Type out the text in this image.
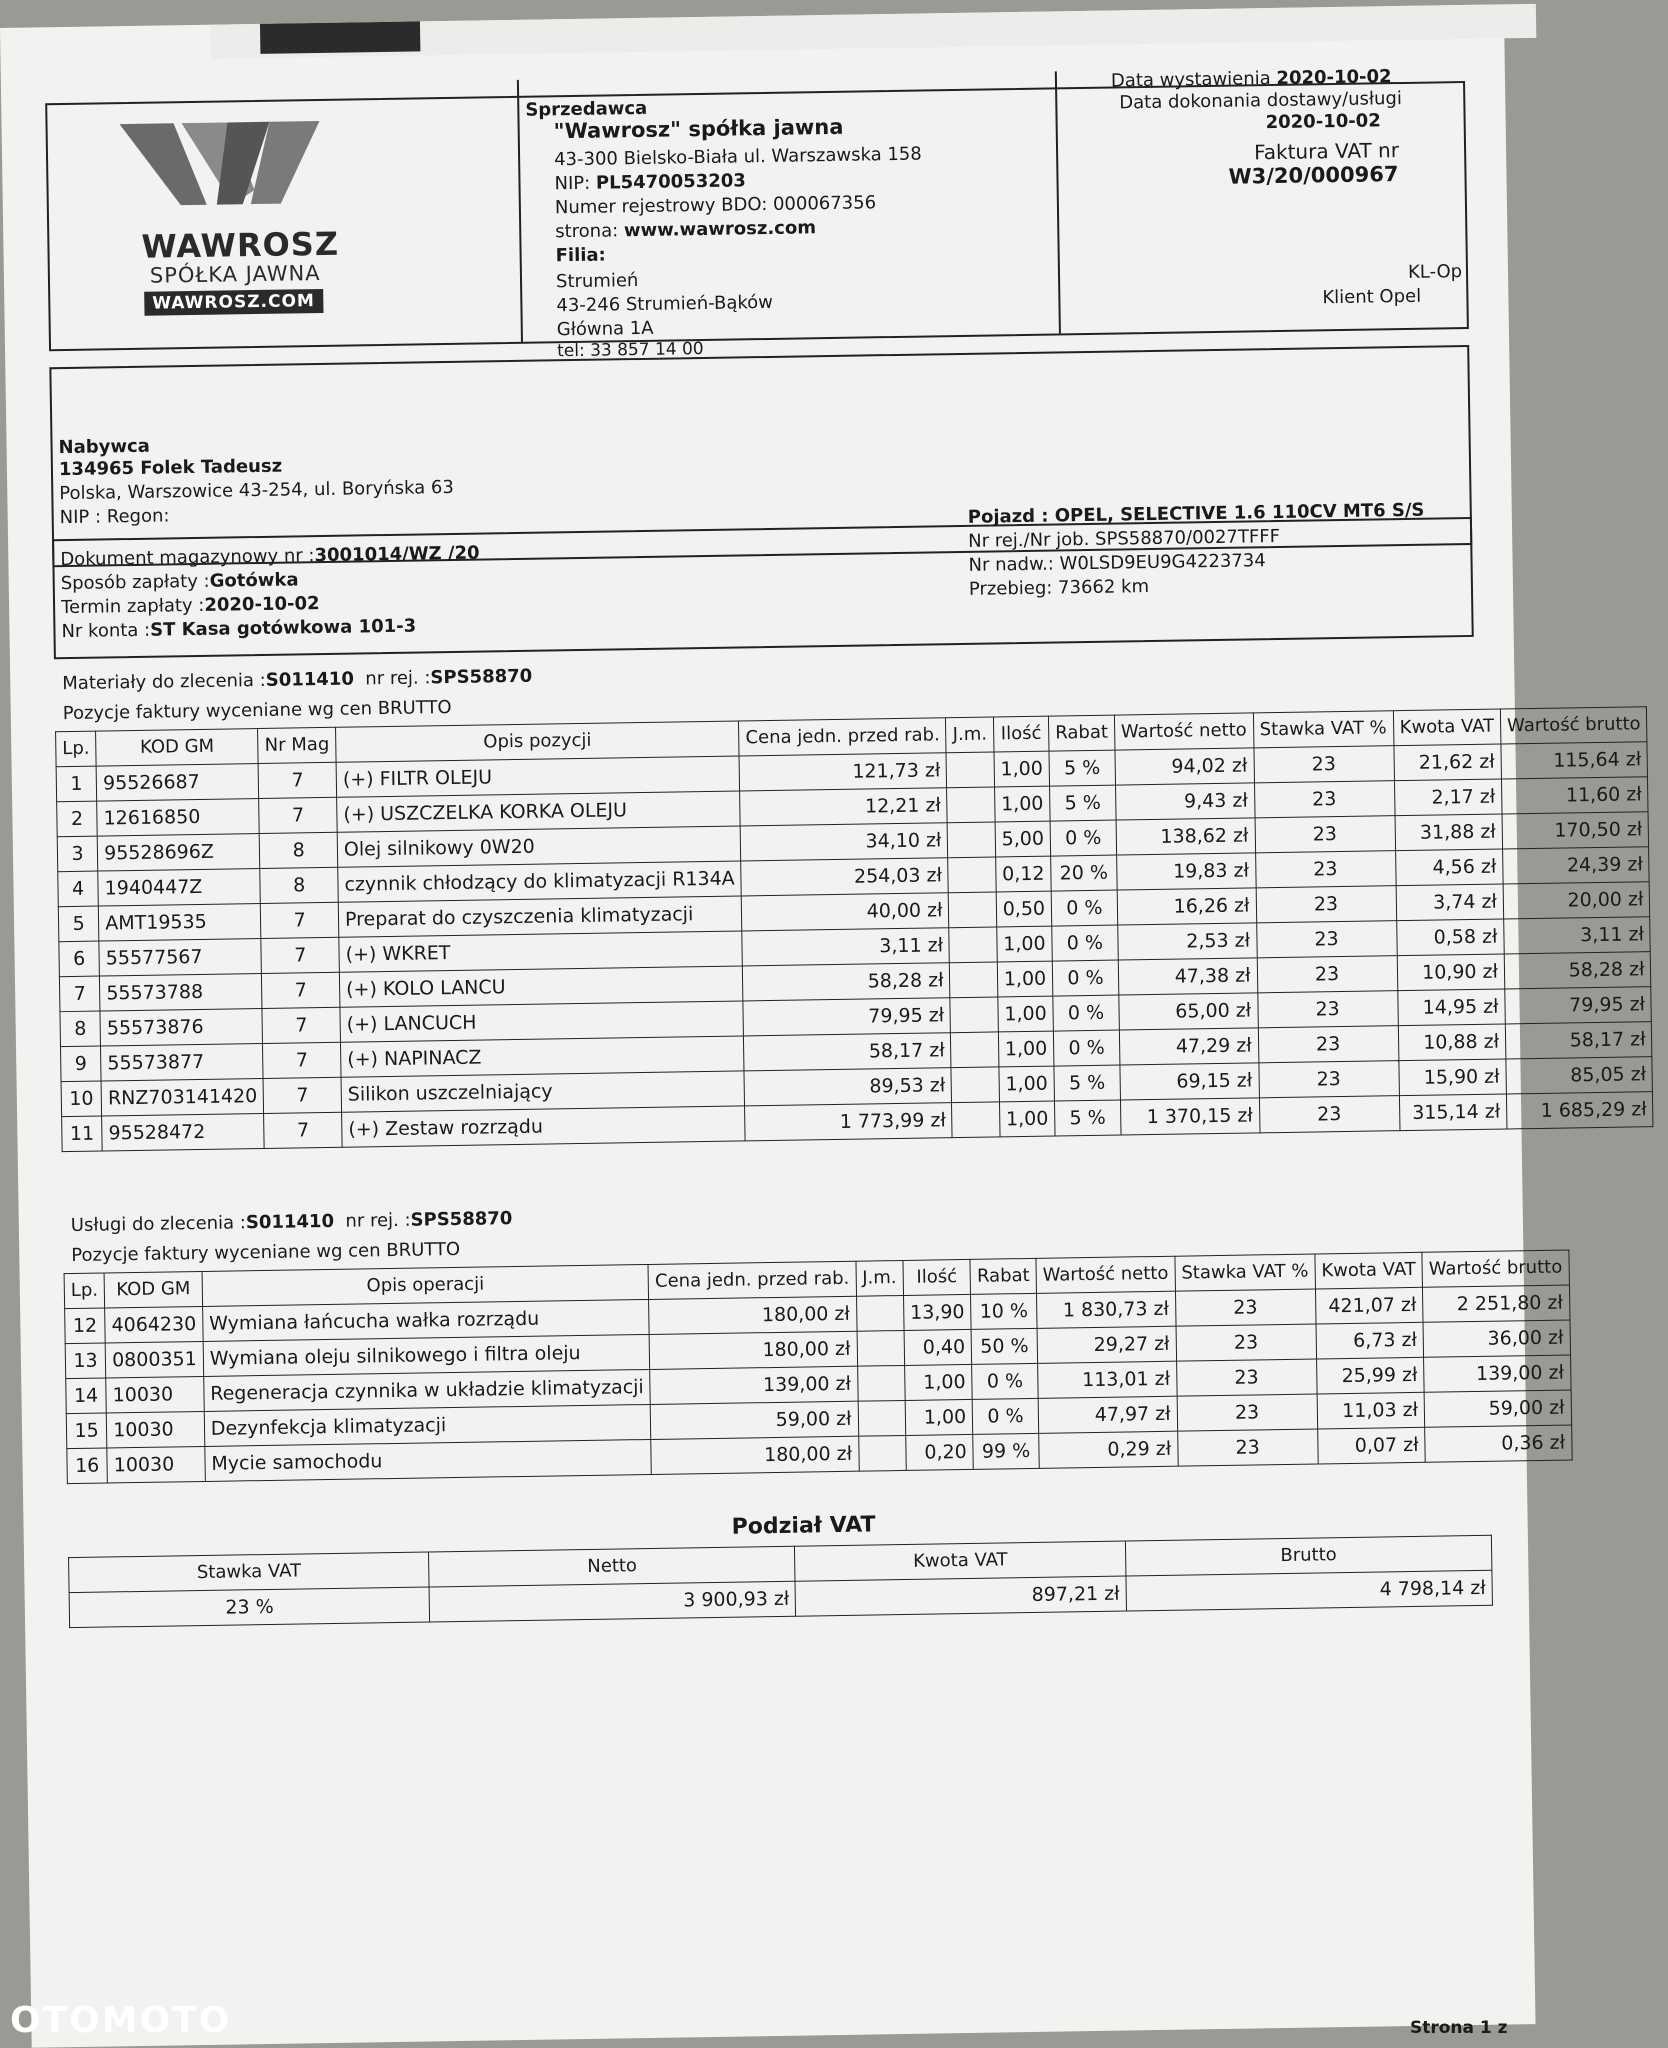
WAWROSZ
SPÓŁKA JAWNA
WAWROSZ.COM
Sprzedawca
"Wawrosz" spółka jawna
43-300 Bielsko-Biała ul. Warszawska 158
NIP: PL5470053203
Numer rejestrowy BDO: 000067356
strona: www.wawrosz.com
Filia:
Strumień
43-246 Strumień-Bąków
Główna 1A
tel: 33 857 14 00
Data wystawienia 2020-10-02
Data dokonania dostawy/usługi
2020-10-02
Faktura VAT nr
W3/20/000967
KL-Op
Klient Opel
Nabywca
134965 Folek Tadeusz
Polska, Warszowice 43-254, ul. Boryńska 63
NIP : Regon:
Dokument magazynowy nr :3001014/WZ /20
Sposób zapłaty :Gotówka
Termin zapłaty :2020-10-02
Nr konta :ST Kasa gotówkowa 101-3
Pojazd : OPEL, SELECTIVE 1.6 110CV MT6 S/S
Nr rej./Nr job. SPS58870/0027TFFF
Nr nadw.: W0LSD9EU9G4223734
Przebieg: 73662 km
Materiały do zlecenia :S011410 nr rej. :SPS58870
Pozycje faktury wyceniane wg cen BRUTTO
Lp.	KOD GM	Nr Mag	Opis pozycji	Cena jedn. przed rab.	J.m.	Ilość	Rabat	Wartość netto	Stawka VAT %	Kwota VAT	Wartość brutto
1	95526687	7	(+) FILTR OLEJU	121,73 zł		1,00	5 %	94,02 zł	23	21,62 zł	115,64 zł
2	12616850	7	(+) USZCZELKA KORKA OLEJU	12,21 zł		1,00	5 %	9,43 zł	23	2,17 zł	11,60 zł
3	95528696Z	8	Olej silnikowy 0W20	34,10 zł		5,00	0 %	138,62 zł	23	31,88 zł	170,50 zł
4	1940447Z	8	czynnik chłodzący do klimatyzacji R134A	254,03 zł		0,12	20 %	19,83 zł	23	4,56 zł	24,39 zł
5	AMT19535	7	Preparat do czyszczenia klimatyzacji	40,00 zł		0,50	0 %	16,26 zł	23	3,74 zł	20,00 zł
6	55577567	7	(+) WKRET	3,11 zł		1,00	0 %	2,53 zł	23	0,58 zł	3,11 zł
7	55573788	7	(+) KOLO LANCU	58,28 zł		1,00	0 %	47,38 zł	23	10,90 zł	58,28 zł
8	55573876	7	(+) LANCUCH	79,95 zł		1,00	0 %	65,00 zł	23	14,95 zł	79,95 zł
9	55573877	7	(+) NAPINACZ	58,17 zł		1,00	0 %	47,29 zł	23	10,88 zł	58,17 zł
10	RNZ703141420	7	Silikon uszczelniający	89,53 zł		1,00	5 %	69,15 zł	23	15,90 zł	85,05 zł
11	95528472	7	(+) Zestaw rozrządu	1 773,99 zł		1,00	5 %	1 370,15 zł	23	315,14 zł	1 685,29 zł
Usługi do zlecenia :S011410 nr rej. :SPS58870
Pozycje faktury wyceniane wg cen BRUTTO
Lp.	KOD GM	Opis operacji	Cena jedn. przed rab.	J.m.	Ilość	Rabat	Wartość netto	Stawka VAT %	Kwota VAT	Wartość brutto
12	4064230	Wymiana łańcucha wałka rozrządu	180,00 zł		13,90	10 %	1 830,73 zł	23	421,07 zł	2 251,80 zł
13	0800351	Wymiana oleju silnikowego i filtra oleju	180,00 zł		0,40	50 %	29,27 zł	23	6,73 zł	36,00 zł
14	10030	Regeneracja czynnika w układzie klimatyzacji	139,00 zł		1,00	0 %	113,01 zł	23	25,99 zł	139,00 zł
15	10030	Dezynfekcja klimatyzacji	59,00 zł		1,00	0 %	47,97 zł	23	11,03 zł	59,00 zł
16	10030	Mycie samochodu	180,00 zł		0,20	99 %	0,29 zł	23	0,07 zł	0,36 zł
Podział VAT
Stawka VAT	Netto	Kwota VAT	Brutto
23 %	3 900,93 zł	897,21 zł	4 798,14 zł
OTOMOTO	Strona 1 z
